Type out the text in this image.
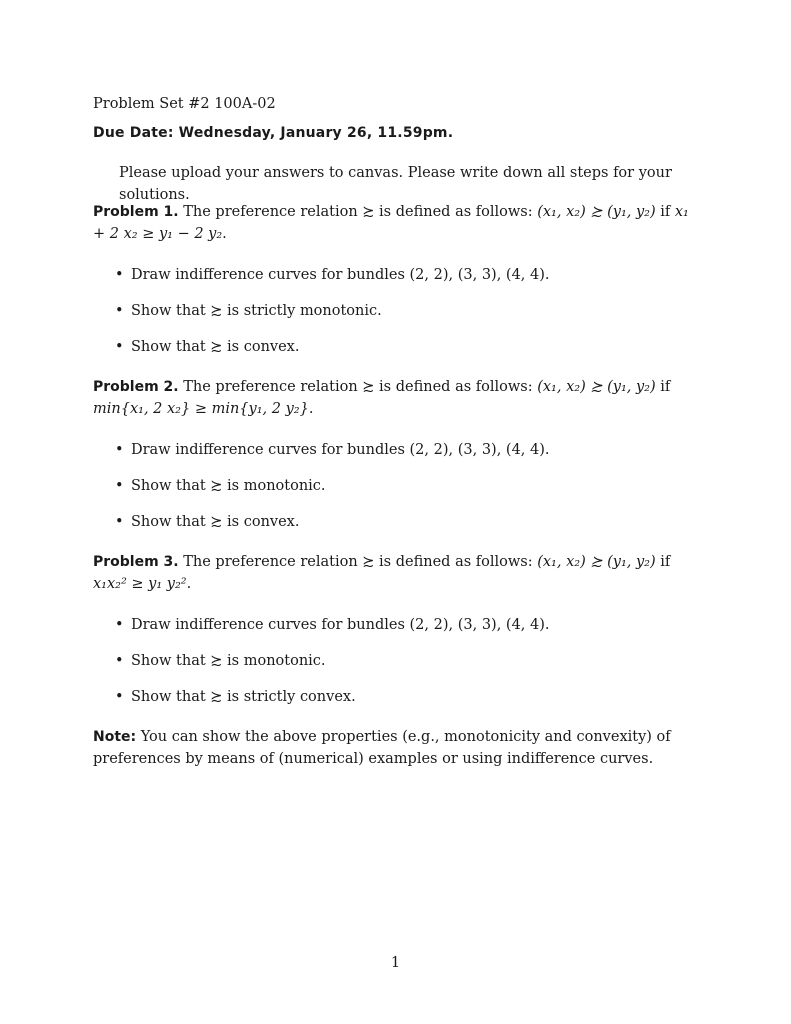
Problem Set #2 100A-02
Due Date: Wednesday, January 26, 11.59pm.
Please upload your answers to canvas. Please write down all steps for your solutions.
Problem 1. The preference relation ≿ is defined as follows: (x₁, x₂) ≿ (y₁, y₂) if x₁ + 2 x₂ ≥ y₁ − 2 y₂.
• Draw indifference curves for bundles (2, 2), (3, 3), (4, 4).
• Show that ≿ is strictly monotonic.
• Show that ≿ is convex.
Problem 2. The preference relation ≿ is defined as follows: (x₁, x₂) ≿ (y₁, y₂) if min{x₁, 2 x₂} ≥ min{y₁, 2 y₂}.
• Draw indifference curves for bundles (2, 2), (3, 3), (4, 4).
• Show that ≿ is monotonic.
• Show that ≿ is convex.
Problem 3. The preference relation ≿ is defined as follows: (x₁, x₂) ≿ (y₁, y₂) if x₁x₂² ≥ y₁ y₂².
• Draw indifference curves for bundles (2, 2), (3, 3), (4, 4).
• Show that ≿ is monotonic.
• Show that ≿ is strictly convex.
Note: You can show the above properties (e.g., monotonicity and convexity) of preferences by means of (numerical) examples or using indifference curves.
1
